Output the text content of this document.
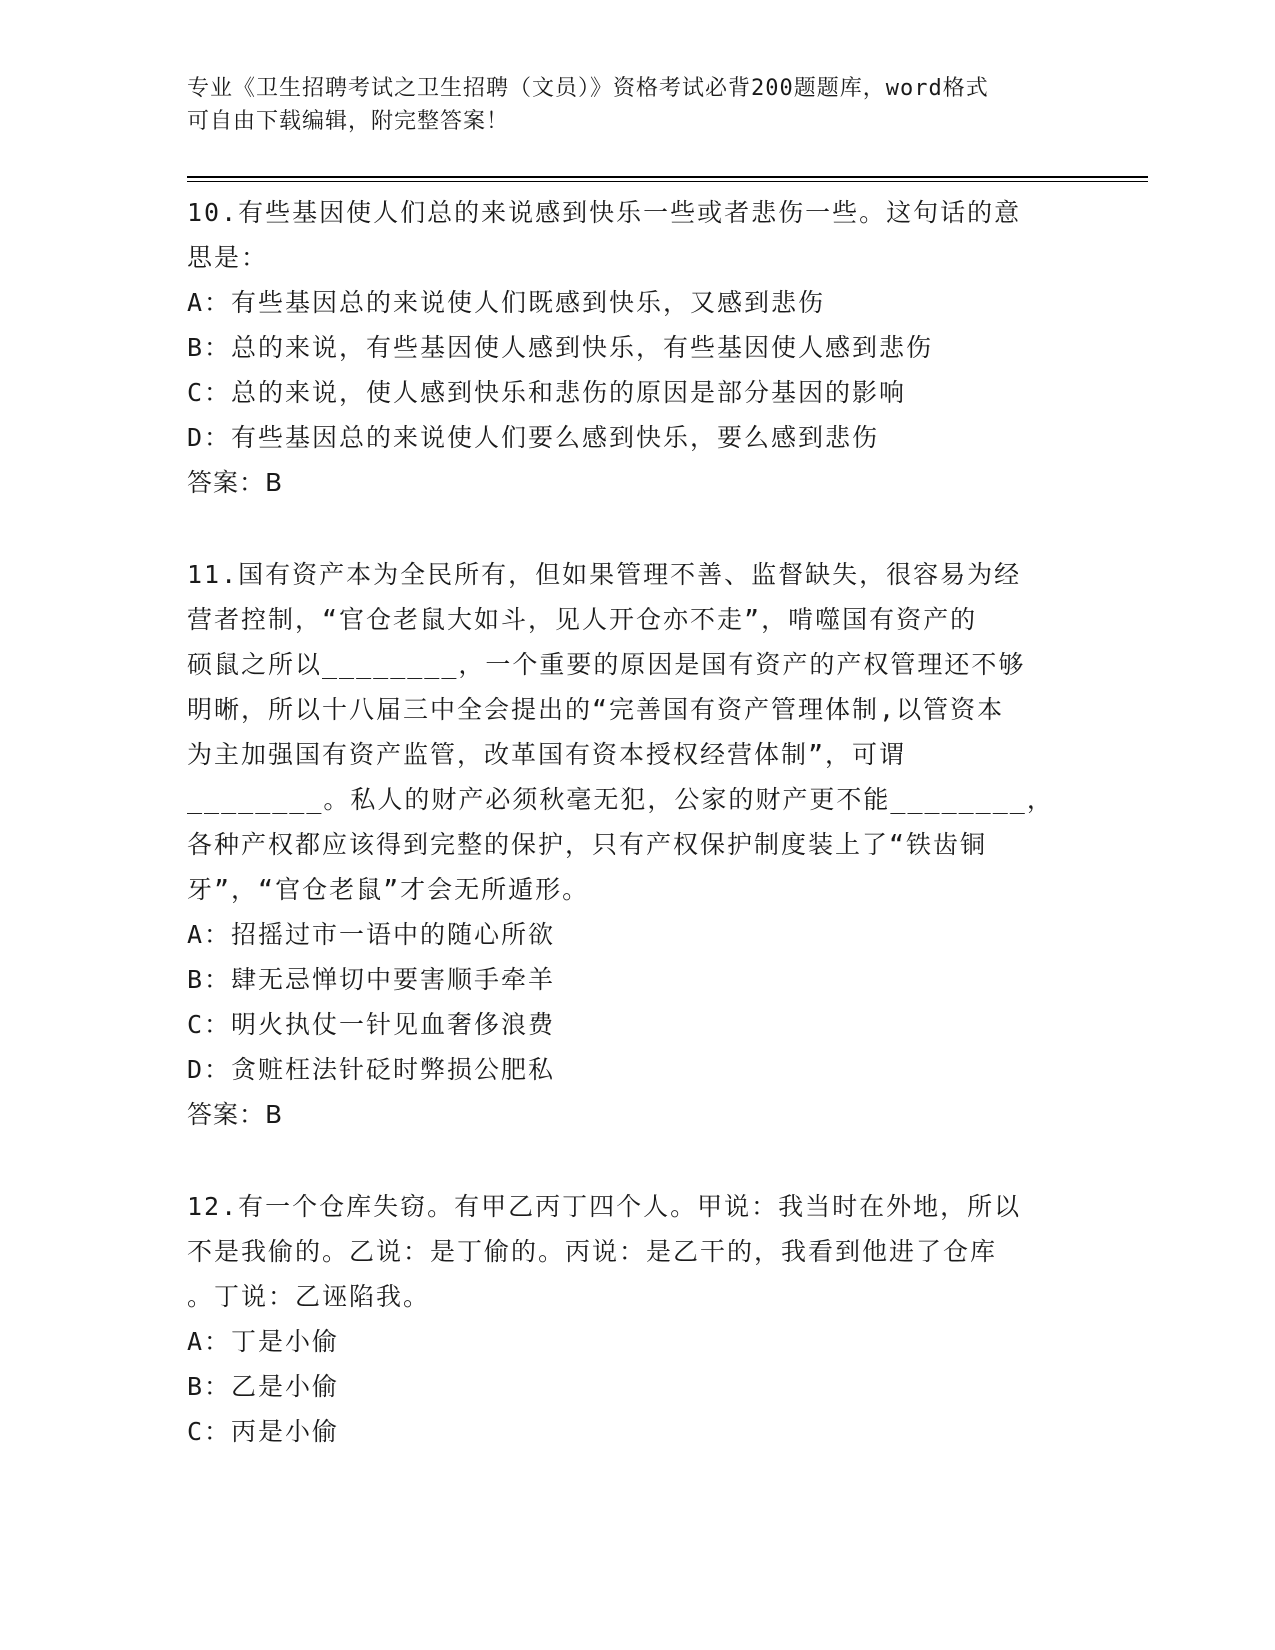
专业《卫生招聘考试之卫生招聘（文员）》资格考试必背200题题库，word格式
可自由下载编辑，附完整答案！
10.有些基因使人们总的来说感到快乐一些或者悲伤一些。这句话的意
思是：
A：有些基因总的来说使人们既感到快乐，又感到悲伤
B：总的来说，有些基因使人感到快乐，有些基因使人感到悲伤
C：总的来说，使人感到快乐和悲伤的原因是部分基因的影响
D：有些基因总的来说使人们要么感到快乐，要么感到悲伤
答案：B
11.国有资产本为全民所有，但如果管理不善、监督缺失，很容易为经
营者控制，“官仓老鼠大如斗，见人开仓亦不走”，啃噬国有资产的
硕鼠之所以________，一个重要的原因是国有资产的产权管理还不够
明晰，所以十八届三中全会提出的“完善国有资产管理体制,以管资本
为主加强国有资产监管，改革国有资本授权经营体制”，可谓
________。私人的财产必须秋毫无犯，公家的财产更不能________，
各种产权都应该得到完整的保护，只有产权保护制度装上了“铁齿铜
牙”，“官仓老鼠”才会无所遁形。
A：招摇过市一语中的随心所欲
B：肆无忌惮切中要害顺手牵羊
C：明火执仗一针见血奢侈浪费
D：贪赃枉法针砭时弊损公肥私
答案：B
12.有一个仓库失窃。有甲乙丙丁四个人。甲说：我当时在外地，所以
不是我偷的。乙说：是丁偷的。丙说：是乙干的，我看到他进了仓库
。丁说：乙诬陷我。
A：丁是小偷
B：乙是小偷
C：丙是小偷
